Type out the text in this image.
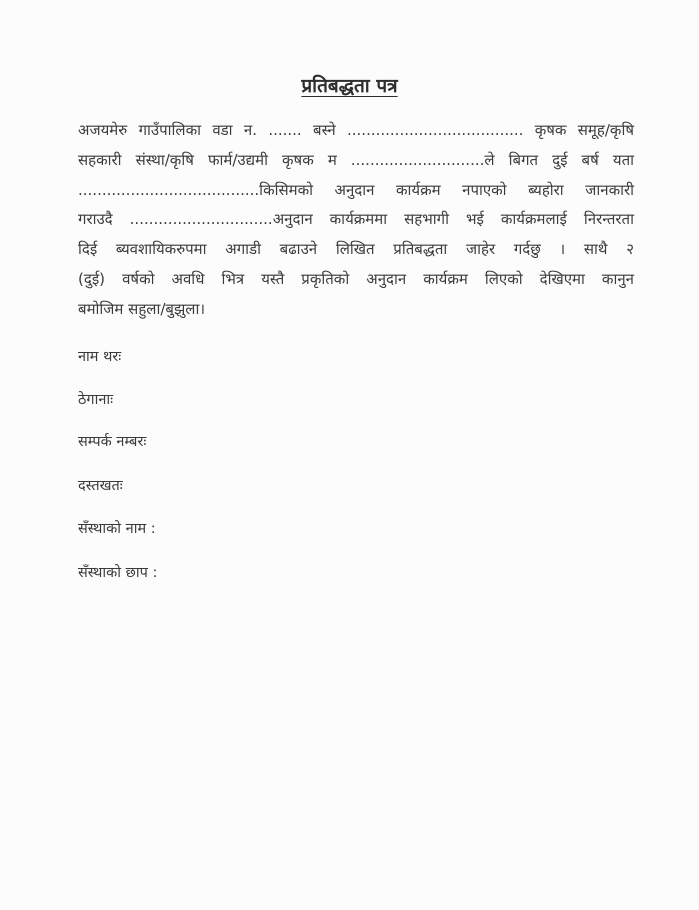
प्रतिबद्धता पत्र
अजयमेरु गाउँपालिका वडा न. ....... बस्ने ..................................... कृषक समूह/कृषि
सहकारी संस्था/कृषि फार्म/उद्यमी कृषक म ............................ले बिगत दुई बर्ष यता
......................................किसिमको अनुदान कार्यक्रम नपाएको ब्यहोरा जानकारी
गराउदै ..............................अनुदान कार्यक्रममा सहभागी भई कार्यक्रमलाई निरन्तरता
दिई ब्यवशायिकरुपमा अगाडी बढाउने लिखित प्रतिबद्धता जाहेर गर्दछु । साथै २
(दुई) वर्षको अवधि भित्र यस्तै प्रकृतिको अनुदान कार्यक्रम लिएको देखिएमा कानुन
बमोजिम सहुला/बुझुला।
नाम थरः
ठेगानाः
सम्पर्क नम्बरः
दस्तखतः
सँस्थाको नाम :
सँस्थाको छाप :
